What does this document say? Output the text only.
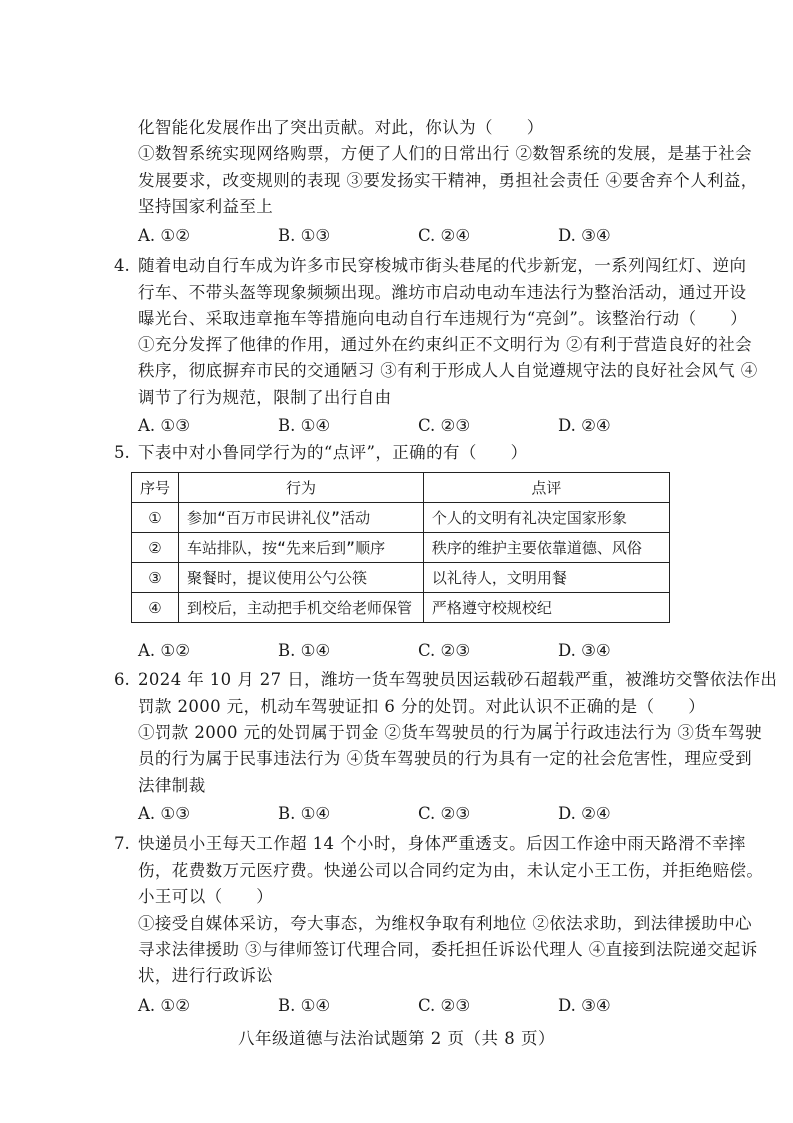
化智能化发展作出了突出贡献。对此，你认为（　　）
①数智系统实现网络购票，方便了人们的日常出行 ②数智系统的发展，是基于社会
发展要求，改变规则的表现 ③要发扬实干精神，勇担社会责任 ④要舍弃个人利益，
坚持国家利益至上
A. ①②	B. ①③	C. ②④	D. ③④
4. 随着电动自行车成为许多市民穿梭城市街头巷尾的代步新宠，一系列闯红灯、逆向
行车、不带头盔等现象频频出现。潍坊市启动电动车违法行为整治活动，通过开设
曝光台、采取违章拖车等措施向电动自行车违规行为“亮剑”。该整治行动（　　）
①充分发挥了他律的作用，通过外在约束纠正不文明行为 ②有利于营造良好的社会
秩序，彻底摒弃市民的交通陋习 ③有利于形成人人自觉遵规守法的良好社会风气 ④
调节了行为规范，限制了出行自由
A. ①③	B. ①④	C. ②③	D. ②④
5. 下表中对小鲁同学行为的“点评”，正确的有（　　）
序号	行为	点评
①	参加“百万市民讲礼仪”活动	个人的文明有礼决定国家形象
②	车站排队，按“先来后到”顺序	秩序的维护主要依靠道德、风俗
③	聚餐时，提议使用公勺公筷	以礼待人，文明用餐
④	到校后，主动把手机交给老师保管	严格遵守校规校纪
A. ①②	B. ①④	C. ②③	D. ③④
6. 2024 年 10 月 27 日，潍坊一货车驾驶员因运载砂石超载严重，被潍坊交警依法作出
罚款 2000 元，机动车驾驶证扣 6 分的处罚。对此认识不正确 · · ·的是（　　）
①罚款 2000 元的处罚属于罚金 ②货车驾驶员的行为属于行政违法行为 ③货车驾驶
员的行为属于民事违法行为 ④货车驾驶员的行为具有一定的社会危害性，理应受到
法律制裁
A. ①③	B. ①④	C. ②③	D. ②④
7. 快递员小王每天工作超 14 个小时，身体严重透支。后因工作途中雨天路滑不幸摔
伤，花费数万元医疗费。快递公司以合同约定为由，未认定小王工伤，并拒绝赔偿。
小王可以（　　）
①接受自媒体采访，夸大事态，为维权争取有利地位 ②依法求助，到法律援助中心
寻求法律援助 ③与律师签订代理合同，委托担任诉讼代理人 ④直接到法院递交起诉
状，进行行政诉讼
A. ①②	B. ①④	C. ②③	D. ③④
八年级道德与法治试题第 2 页（共 8 页）
